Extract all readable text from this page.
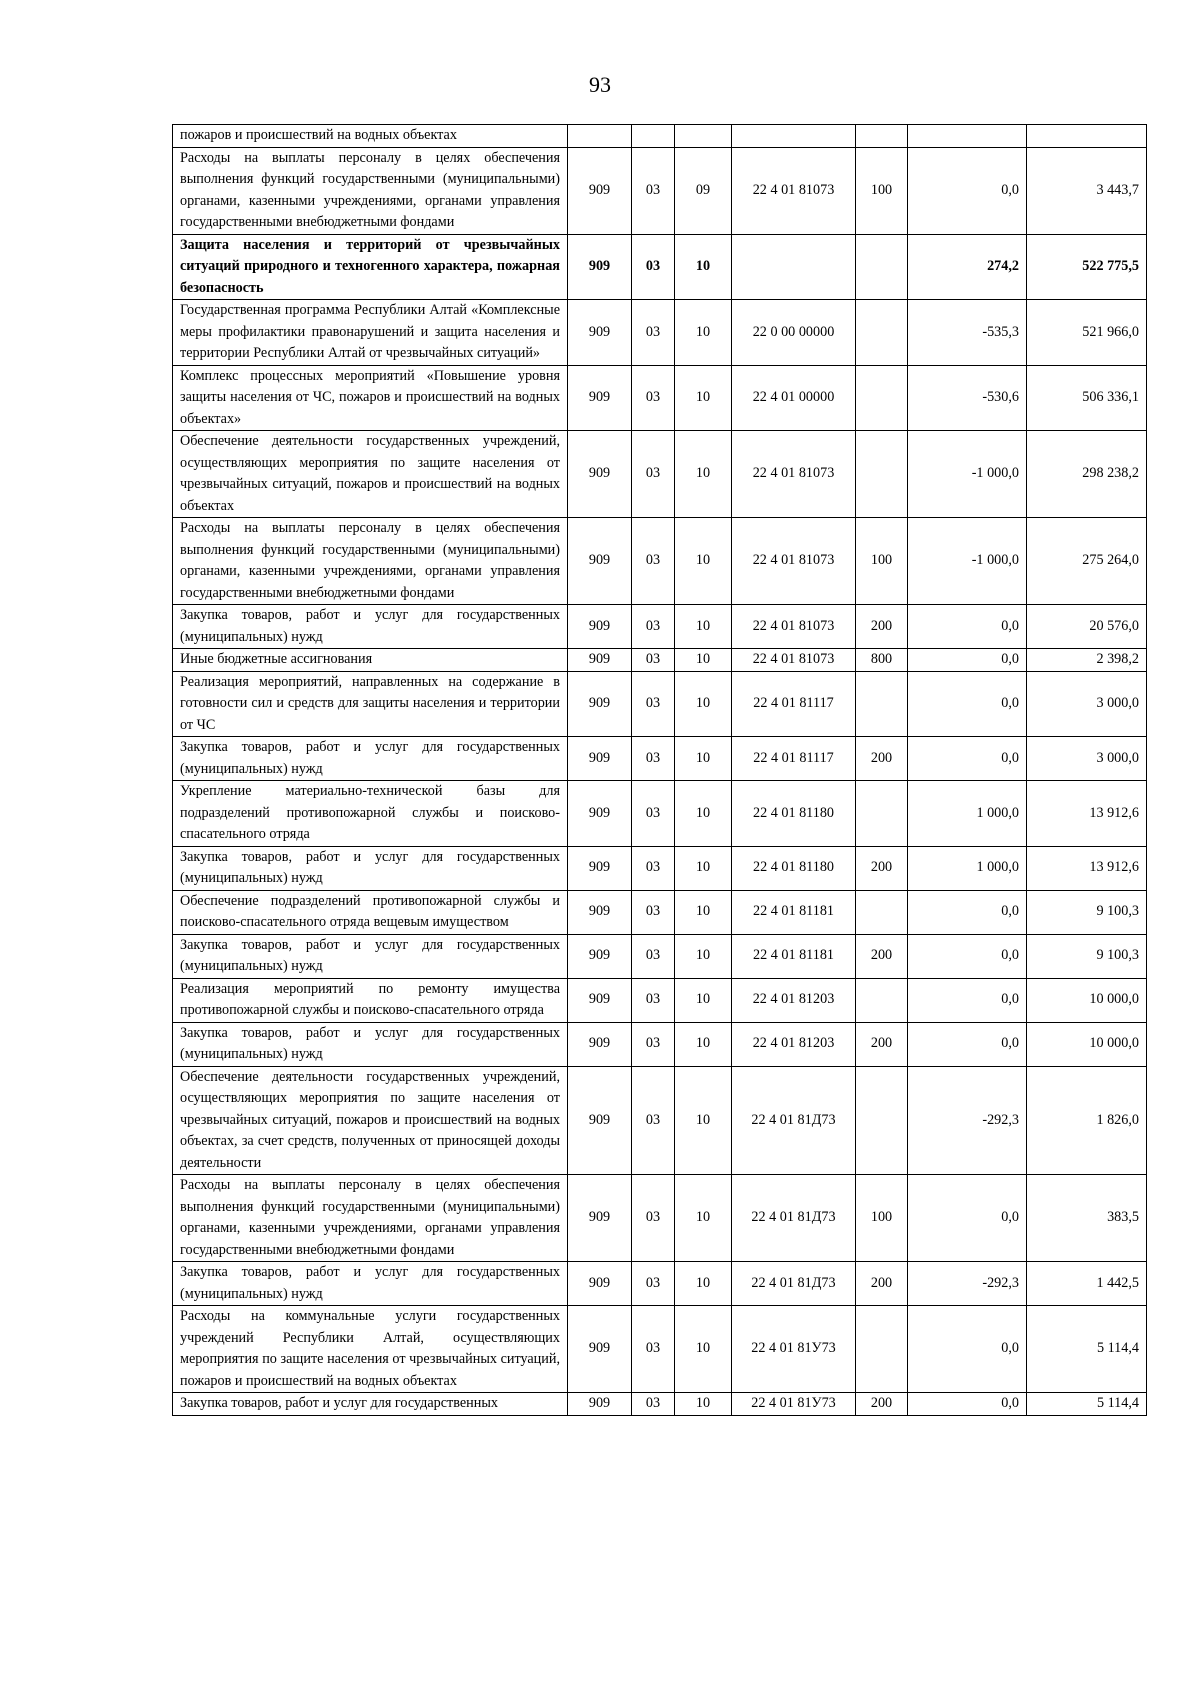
93
пожаров и происшествий на водных объектах							
Расходы на выплаты персоналу в целях обеспечения выполнения функций государственными (муниципальными) органами, казенными учреждениями, органами управления государственными внебюджетными фондами	909	03	09	22 4 01 81073	100	0,0	3 443,7
Защита населения и территорий от чрезвычайных ситуаций природного и техногенного характера, пожарная безопасность	909	03	10			274,2	522 775,5
Государственная программа Республики Алтай «Комплексные меры профилактики правонарушений и защита населения и территории Республики Алтай от чрезвычайных ситуаций»	909	03	10	22 0 00 00000		-535,3	521 966,0
Комплекс процессных мероприятий «Повышение уровня защиты населения от ЧС, пожаров и происшествий на водных объектах»	909	03	10	22 4 01 00000		-530,6	506 336,1
Обеспечение деятельности государственных учреждений, осуществляющих мероприятия по защите населения от чрезвычайных ситуаций, пожаров и происшествий на водных объектах	909	03	10	22 4 01 81073		-1 000,0	298 238,2
Расходы на выплаты персоналу в целях обеспечения выполнения функций государственными (муниципальными) органами, казенными учреждениями, органами управления государственными внебюджетными фондами	909	03	10	22 4 01 81073	100	-1 000,0	275 264,0
Закупка товаров, работ и услуг для государственных (муниципальных) нужд	909	03	10	22 4 01 81073	200	0,0	20 576,0
Иные бюджетные ассигнования	909	03	10	22 4 01 81073	800	0,0	2 398,2
Реализация мероприятий, направленных на содержание в готовности сил и средств для защиты населения и территории от ЧС	909	03	10	22 4 01 81117		0,0	3 000,0
Закупка товаров, работ и услуг для государственных (муниципальных) нужд	909	03	10	22 4 01 81117	200	0,0	3 000,0
Укрепление материально-технической базы для подразделений противопожарной службы и поисково-спасательного отряда	909	03	10	22 4 01 81180		1 000,0	13 912,6
Закупка товаров, работ и услуг для государственных (муниципальных) нужд	909	03	10	22 4 01 81180	200	1 000,0	13 912,6
Обеспечение подразделений противопожарной службы и поисково-спасательного отряда вещевым имуществом	909	03	10	22 4 01 81181		0,0	9 100,3
Закупка товаров, работ и услуг для государственных (муниципальных) нужд	909	03	10	22 4 01 81181	200	0,0	9 100,3
Реализация мероприятий по ремонту имущества противопожарной службы и поисково-спасательного отряда	909	03	10	22 4 01 81203		0,0	10 000,0
Закупка товаров, работ и услуг для государственных (муниципальных) нужд	909	03	10	22 4 01 81203	200	0,0	10 000,0
Обеспечение деятельности государственных учреждений, осуществляющих мероприятия по защите населения от чрезвычайных ситуаций, пожаров и происшествий на водных объектах, за счет средств, полученных от приносящей доходы деятельности	909	03	10	22 4 01 81Д73		-292,3	1 826,0
Расходы на выплаты персоналу в целях обеспечения выполнения функций государственными (муниципальными) органами, казенными учреждениями, органами управления государственными внебюджетными фондами	909	03	10	22 4 01 81Д73	100	0,0	383,5
Закупка товаров, работ и услуг для государственных (муниципальных) нужд	909	03	10	22 4 01 81Д73	200	-292,3	1 442,5
Расходы на коммунальные услуги государственных учреждений Республики Алтай, осуществляющих мероприятия по защите населения от чрезвычайных ситуаций, пожаров и происшествий на водных объектах	909	03	10	22 4 01 81У73		0,0	5 114,4
Закупка товаров, работ и услуг для государственных	909	03	10	22 4 01 81У73	200	0,0	5 114,4
